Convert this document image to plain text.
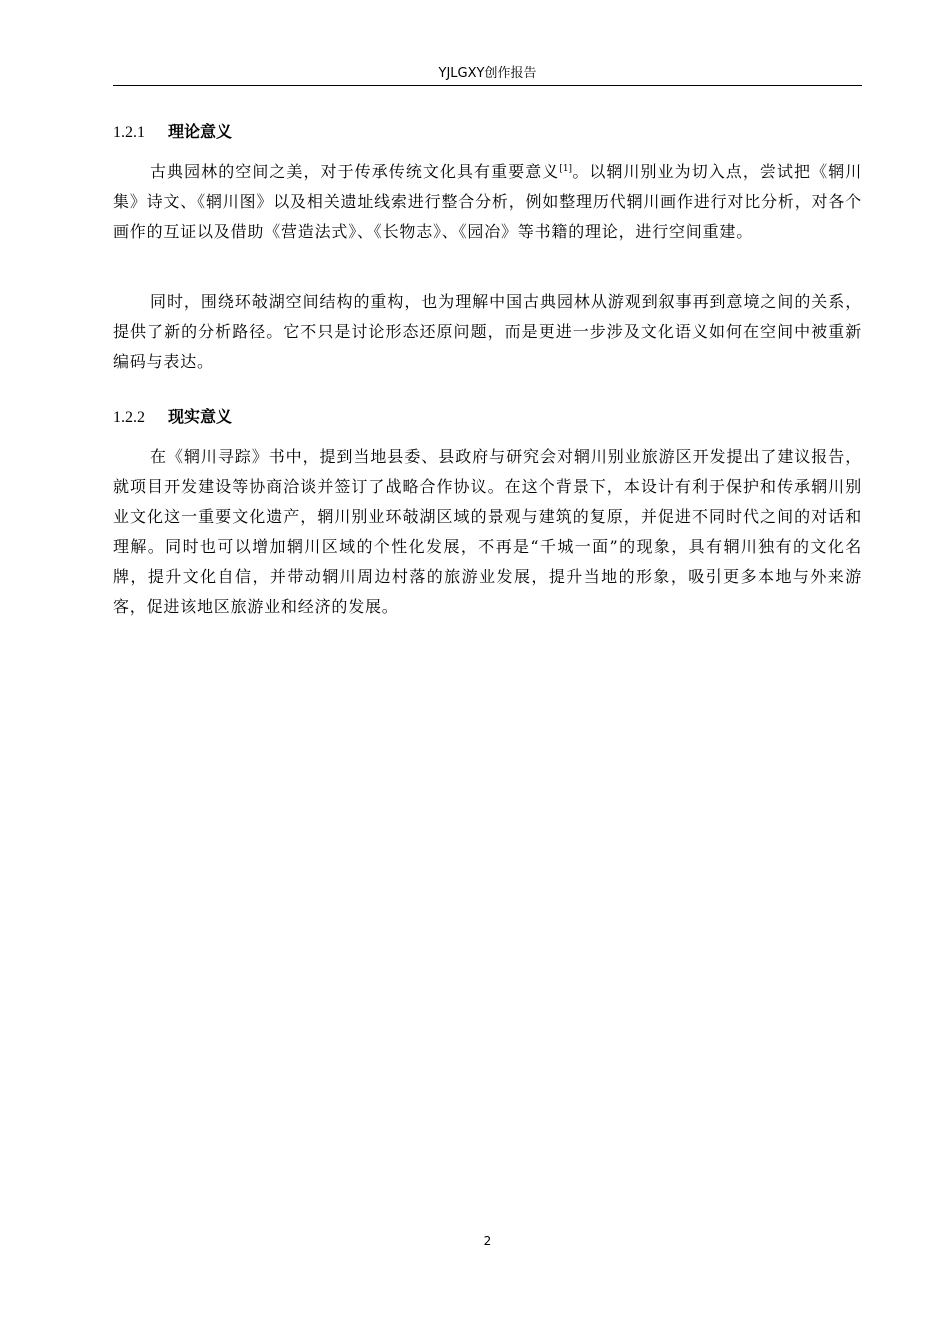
YJLGXY创作报告
1.2.1 理论意义

古典园林的空间之美，对于传承传统文化具有重要意义[1]。以辋川别业为切入点，尝试把《辋川集》诗文、《辋川图》以及相关遗址线索进行整合分析，例如整理历代辋川画作进行对比分析，对各个画作的互证以及借助《营造法式》、《长物志》、《园冶》等书籍的理论，进行空间重建。

同时，围绕环攲湖空间结构的重构，也为理解中国古典园林从游观到叙事再到意境之间的关系，提供了新的分析路径。它不只是讨论形态还原问题，而是更进一步涉及文化语义如何在空间中被重新编码与表达。

1.2.2 现实意义

在《辋川寻踪》书中，提到当地县委、县政府与研究会对辋川别业旅游区开发提出了建议报告，就项目开发建设等协商洽谈并签订了战略合作协议。在这个背景下，本设计有利于保护和传承辋川别业文化这一重要文化遗产，辋川别业环攲湖区域的景观与建筑的复原，并促进不同时代之间的对话和理解。同时也可以增加辋川区域的个性化发展，不再是“千城一面”的现象，具有辋川独有的文化名牌，提升文化自信，并带动辋川周边村落的旅游业发展，提升当地的形象，吸引更多本地与外来游客，促进该地区旅游业和经济的发展。

2
